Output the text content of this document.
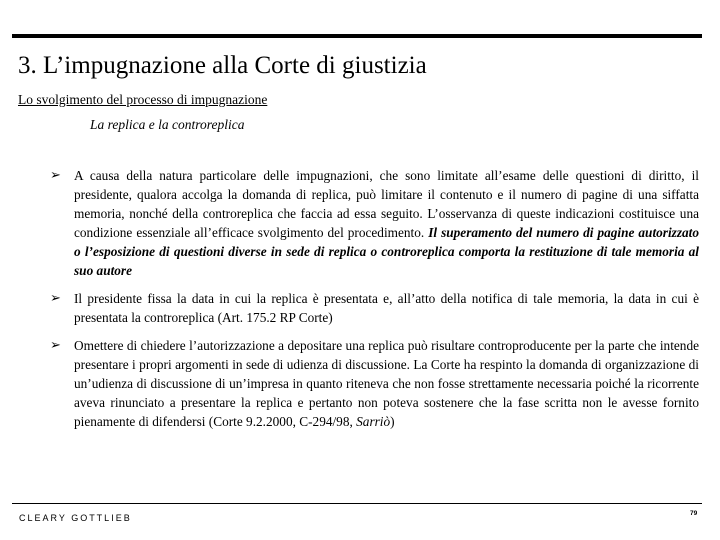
3. L’impugnazione alla Corte di giustizia
Lo svolgimento del processo di impugnazione
La replica e la controreplica
➢ A causa della natura particolare delle impugnazioni, che sono limitate all’esame delle questioni di diritto, il presidente, qualora accolga la domanda di replica, può limitare il contenuto e il numero di pagine di una siffatta memoria, nonché della controreplica che faccia ad essa seguito. L’osservanza di queste indicazioni costituisce una condizione essenziale all’efficace svolgimento del procedimento. Il superamento del numero di pagine autorizzato o l’esposizione di questioni diverse in sede di replica o controreplica comporta la restituzione di tale memoria al suo autore
➢ Il presidente fissa la data in cui la replica è presentata e, all’atto della notifica di tale memoria, la data in cui è presentata la controreplica (Art. 175.2 RP Corte)
➢ Omettere di chiedere l’autorizzazione a depositare una replica può risultare controproducente per la parte che intende presentare i propri argomenti in sede di udienza di discussione. La Corte ha respinto la domanda di organizzazione di un’udienza di discussione di un’impresa in quanto riteneva che non fosse strettamente necessaria poiché la ricorrente aveva rinunciato a presentare la replica e pertanto non poteva sostenere che la fase scritta non le avesse fornito pienamente di difendersi (Corte 9.2.2000, C-294/98, Sarriò)
CLEARY GOTTLIEB	79
